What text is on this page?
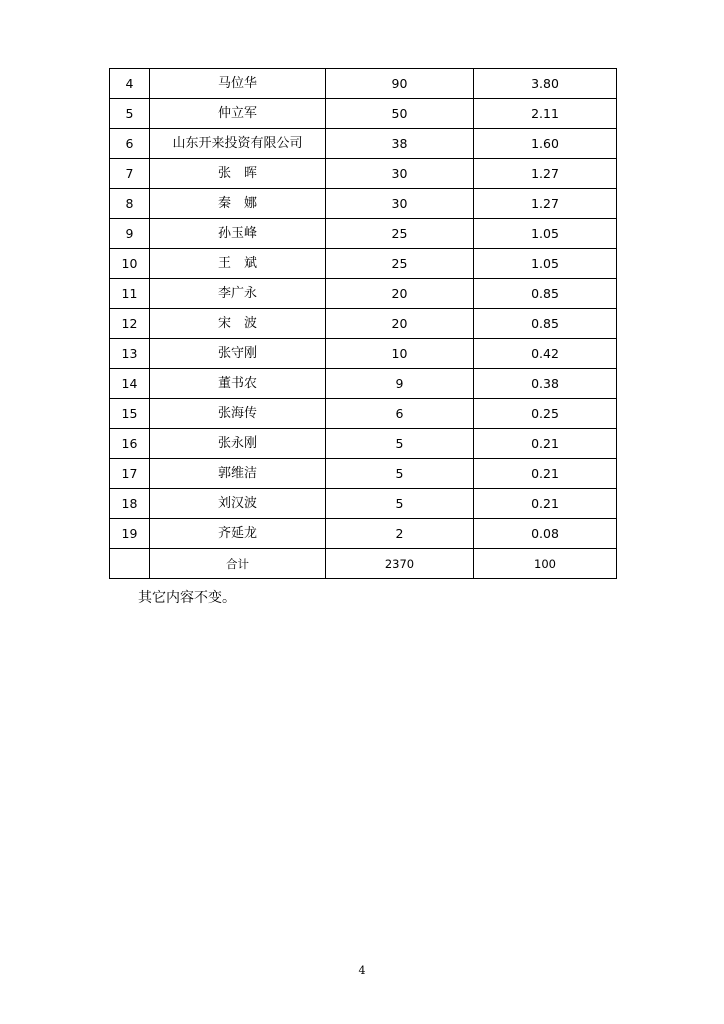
4	马位华	90	3.80
5	仲立军	50	2.11
6	山东开来投资有限公司	38	1.60
7	张　晖	30	1.27
8	秦　娜	30	1.27
9	孙玉峰	25	1.05
10	王　斌	25	1.05
11	李广永	20	0.85
12	宋　波	20	0.85
13	张守刚	10	0.42
14	董书农	9	0.38
15	张海传	6	0.25
16	张永刚	5	0.21
17	郭维洁	5	0.21
18	刘汉波	5	0.21
19	齐延龙	2	0.08
	合计	2370	100
其它内容不变。
4
